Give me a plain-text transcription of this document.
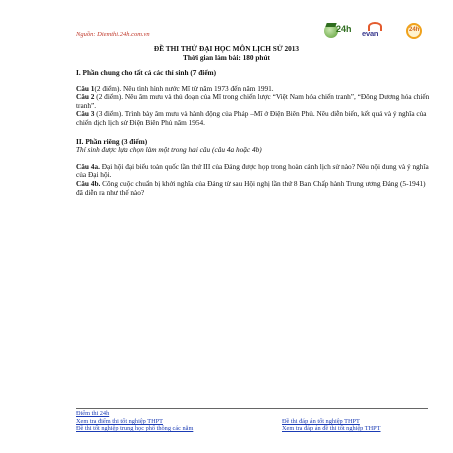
Nguồn: Diemthi.24h.com.vn
24h evan	24h
ĐỀ THI THỬ ĐẠI HỌC MÔN LỊCH SỬ 2013
Thời gian làm bài: 180 phút
I. Phần chung cho tất cả các thí sinh (7 điểm)
Câu 1(2 điểm). Nêu tình hình nước Mĩ từ năm 1973 đến năm 1991.
Câu 2 (2 điểm). Nêu âm mưu và thủ đoạn của Mĩ trong chiến lược “Việt Nam hóa chiến tranh”, “Đông Dương hóa chiến tranh”.
Câu 3 (3 điểm). Trình bày âm mưu và hành động của Pháp –Mĩ ở Điện Biên Phủ. Nêu diễn biến, kết quả và ý nghĩa của chiến dịch lịch sử Điện Biên Phủ năm 1954.
II. Phần riêng (3 điểm)
Thí sinh được lựa chọn làm một trong hai câu (câu 4a hoặc 4b)
Câu 4a. Đại hội đại biểu toàn quốc lần thứ III của Đảng được họp trong hoàn cảnh lịch sử nào? Nêu nội dung và ý nghĩa của Đại hội.
Câu 4b. Công cuộc chuẩn bị khởi nghĩa của Đảng từ sau Hội nghị lần thứ 8 Ban Chấp hành Trung ương Đảng (5-1941) đã diễn ra như thế nào?
Điểm thi 24h
Xem tra điểm thi tốt nghiệp THPT
Đề thi tốt nghiệp trung học phổ thông các năm
Đề thi đáp án tốt nghiệp THPT
Xem tra đáp án đề thi tốt nghiệp THPT
